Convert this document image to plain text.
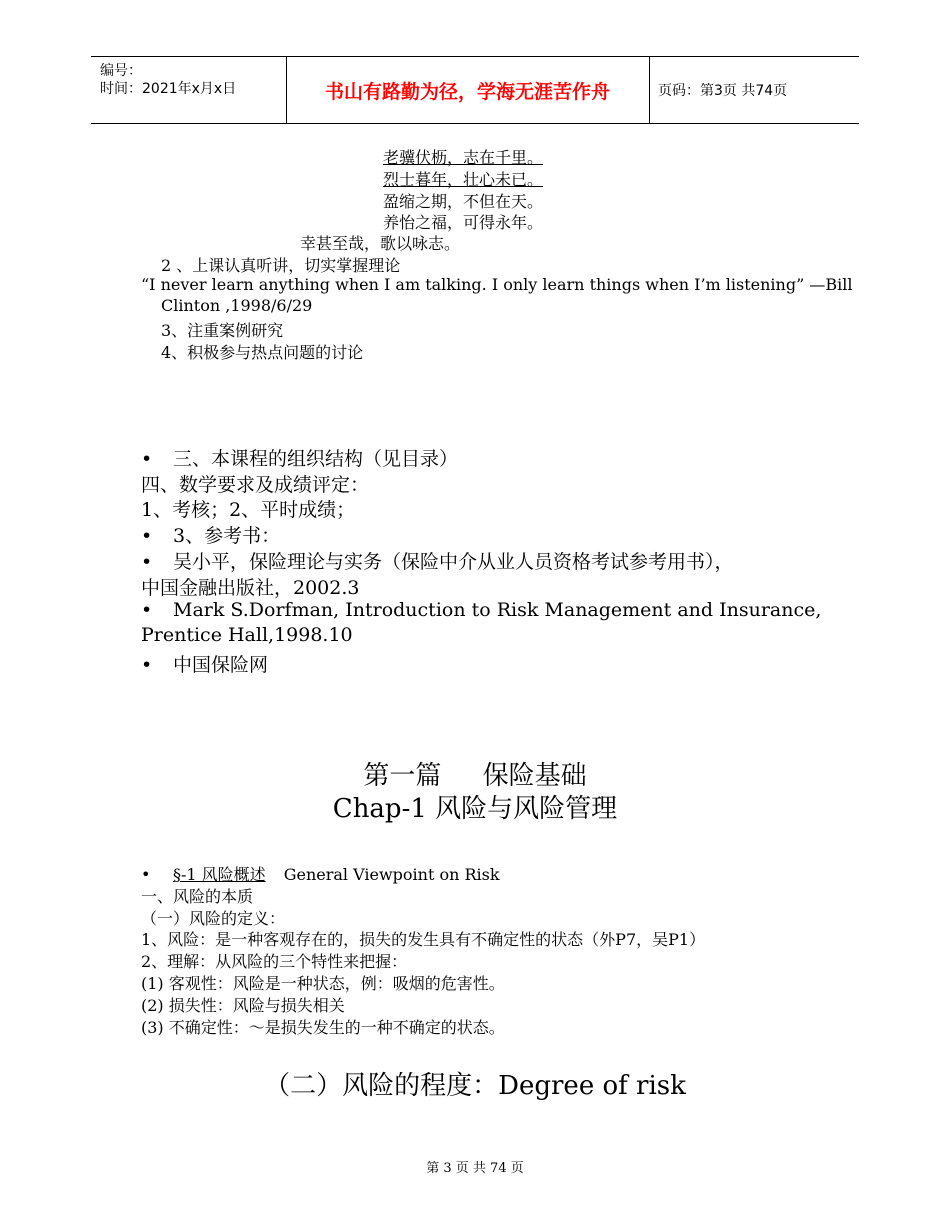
编号：
时间：2021年x月x日	书山有路勤为径，学海无涯苦作舟	页码：第3页 共74页
老骥伏枥，志在千里。
烈士暮年，壮心未已。
盈缩之期，不但在天。
养怡之福，可得永年。
幸甚至哉，歌以咏志。
2 、上课认真听讲，切实掌握理论
“I never learn anything when I am talking. I only learn things when I’m listening” —Bill
Clinton ,1998/6/29
3、注重案例研究
4、积极参与热点问题的讨论
• 三、本课程的组织结构（见目录）
四、数学要求及成绩评定：
1、考核；2、平时成绩；
• 3、参考书：
• 吴小平，保险理论与实务（保险中介从业人员资格考试参考用书），
中国金融出版社，2002.3
• Mark S.Dorfman, Introduction to Risk Management and Insurance,
Prentice Hall,1998.10
• 中国保险网
第一篇     保险基础
Chap-1 风险与风险管理
• §-1 风险概述 General Viewpoint on Risk
一、风险的本质
（一）风险的定义：
1、风险：是一种客观存在的，损失的发生具有不确定性的状态（外P7，吴P1）
2、理解：从风险的三个特性来把握：
(1) 客观性：风险是一种状态，例：吸烟的危害性。
(2) 损失性：风险与损失相关
(3) 不确定性：～是损失发生的一种不确定的状态。
（二）风险的程度：Degree of risk
第 3 页 共 74 页
